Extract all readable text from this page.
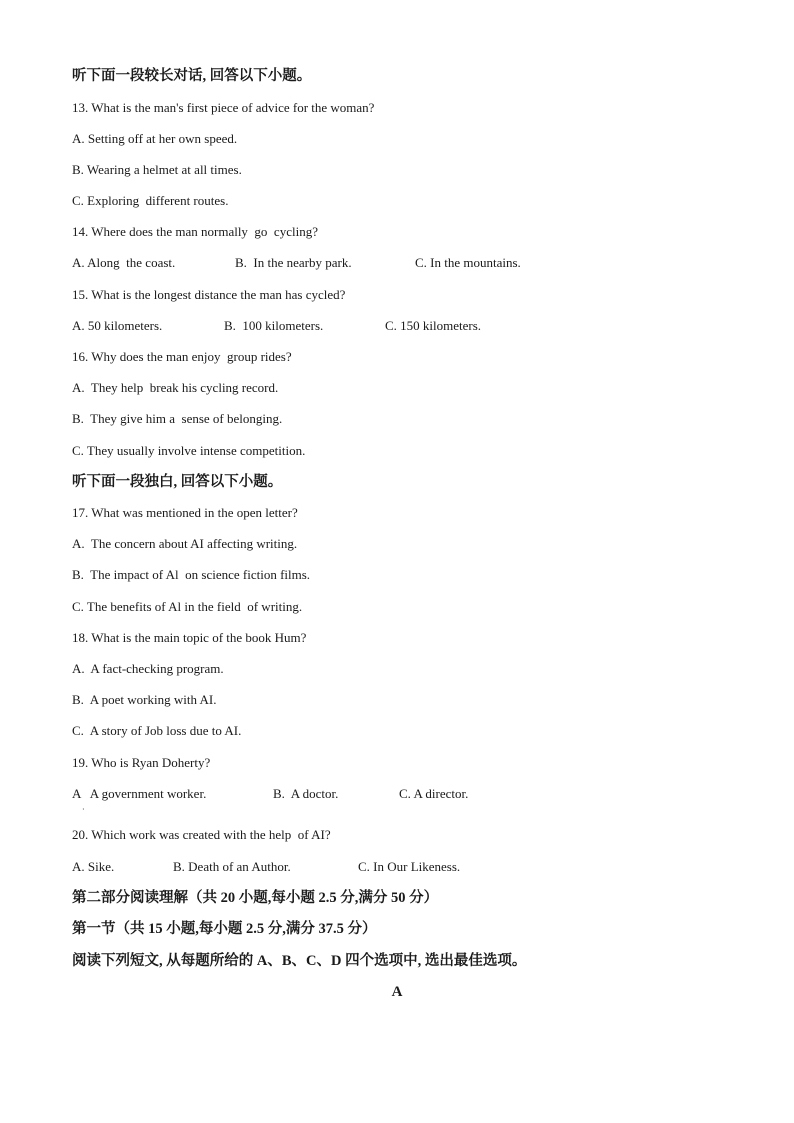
听下面一段较长对话, 回答以下小题。
13. What is the man's first piece of advice for the woman?
A. Setting off at her own speed.
B. Wearing a helmet at all times.
C. Exploring  different routes.
14. Where does the man normally  go  cycling?
A. Along  the coast.	B.  In the nearby park.	C. In the mountains.
15. What is the longest distance the man has cycled?
A. 50 kilometers.	B.  100 kilometers.	C. 150 kilometers.
16. Why does the man enjoy  group rides?
A.  They help  break his cycling record.
B.  They give him a  sense of belonging.
C. They usually involve intense competition.
听下面一段独白, 回答以下小题。
17. What was mentioned in the open letter?
A.  The concern about AI affecting writing.
B.  The impact of Al  on science fiction films.
C. The benefits of Al in the field  of writing.
18. What is the main topic of the book Hum?
A.  A fact-checking program.
B.  A poet working with AI.
C.  A story of Job loss due to AI.
19. Who is Ryan Doherty?
A   A government worker.	B.  A doctor.	C. A director.
·
20. Which work was created with the help  of AI?
A. Sike.	B. Death of an Author.	C. In Our Likeness.
第二部分阅读理解（共 20 小题,每小题 2.5 分,满分 50 分）
第一节（共 15 小题,每小题 2.5 分,满分 37.5 分）
阅读下列短文, 从每题所给的 A、B、C、D 四个选项中, 选出最佳选项。
A
